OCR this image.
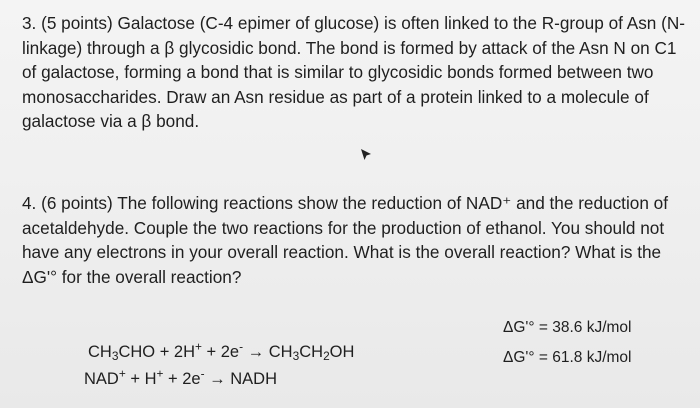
3. (5 points) Galactose (C-4 epimer of glucose) is often linked to the R-group of Asn (N-linkage) through a β glycosidic bond. The bond is formed by attack of the Asn N on C1 of galactose, forming a bond that is similar to glycosidic bonds formed between two monosaccharides. Draw an Asn residue as part of a protein linked to a molecule of galactose via a β bond.

4. (6 points) The following reactions show the reduction of NAD⁺ and the reduction of acetaldehyde. Couple the two reactions for the production of ethanol. You should not have any electrons in your overall reaction. What is the overall reaction? What is the ΔG'° for the overall reaction?

$CH_3CHO + 2H^+ + 2e^- \to CH_3CH_2OH$
ΔG'° = 38.6 kJ/mol
NAD+ + H+ + 2e- → NADH
ΔG'° = 61.8 kJ/mol
